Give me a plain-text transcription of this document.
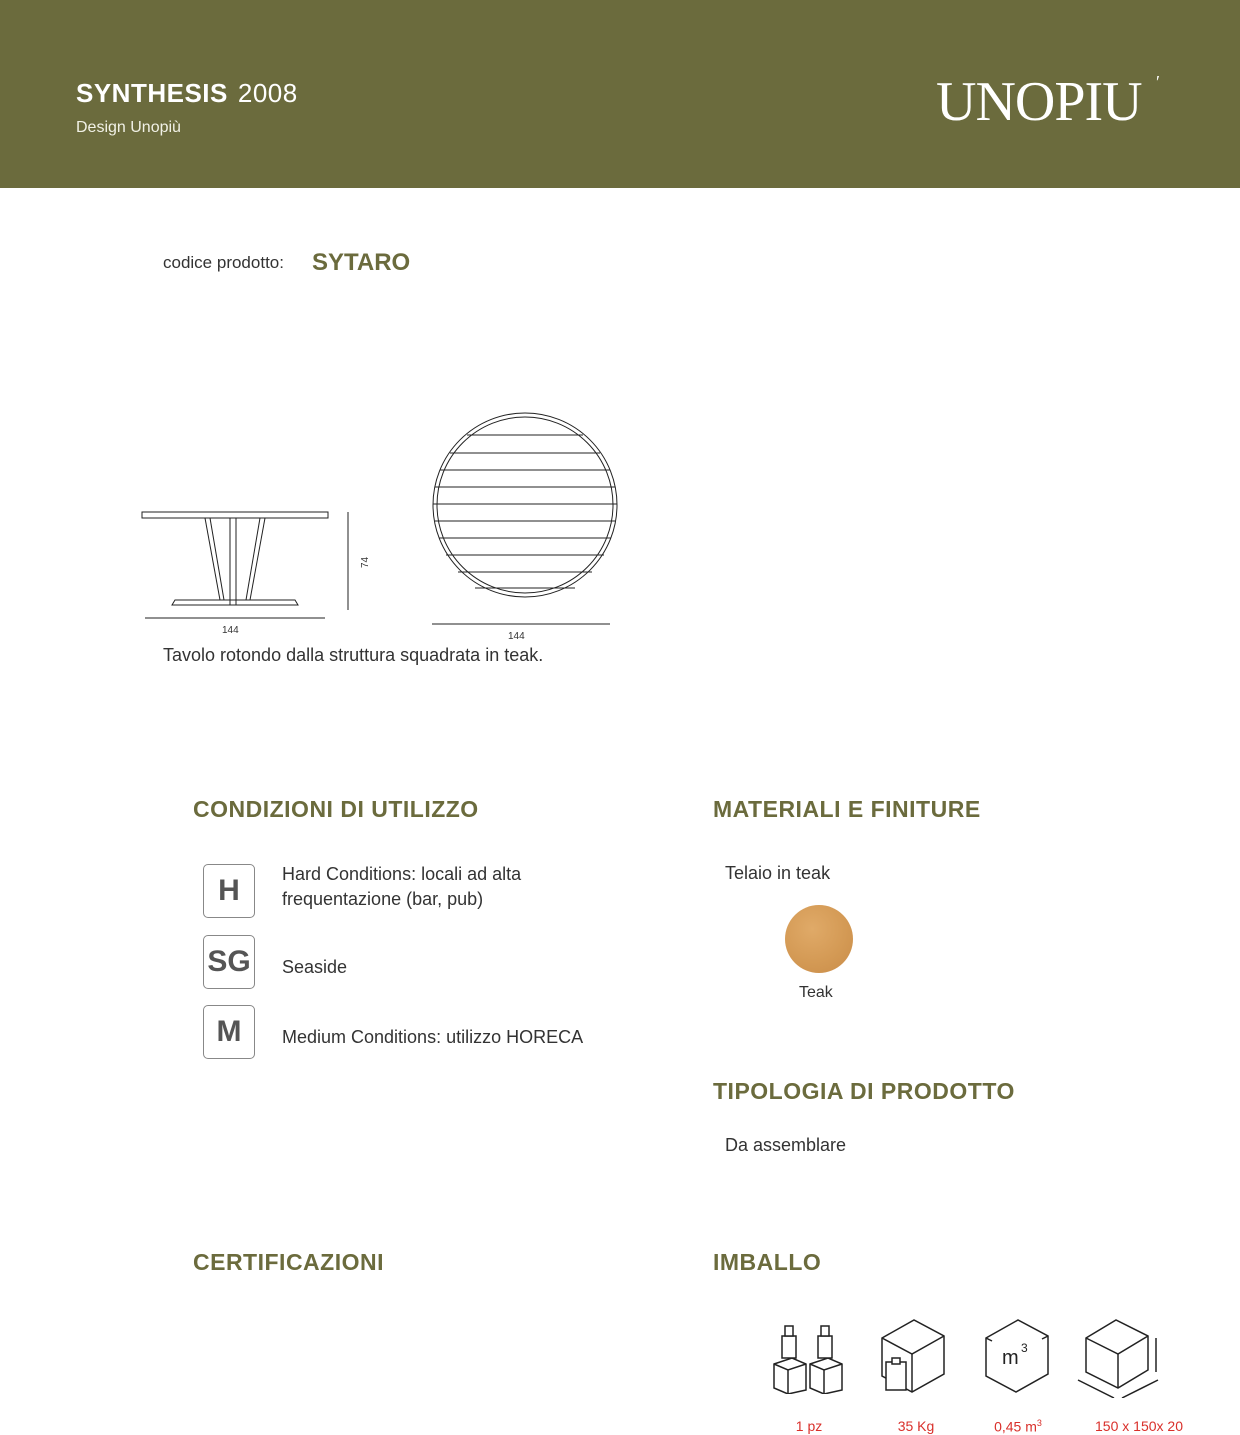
SYNTHESIS 2008
Design Unopiù	UNOPIU ′
codice prodotto: SYTARO
144
74
144
Tavolo rotondo dalla struttura squadrata in teak.
CONDIZIONI DI UTILIZZO
H	Hard Conditions: locali ad alta frequentazione (bar, pub)
SG Seaside
M	Medium Conditions: utilizzo HORECA
MATERIALI E FINITURE
Telaio in teak
Teak
TIPOLOGIA DI PRODOTTO
Da assemblare
CERTIFICAZIONI	IMBALLO
m 3
1 pz	35 Kg	0,45 $m^3$	150 x 150x 20
